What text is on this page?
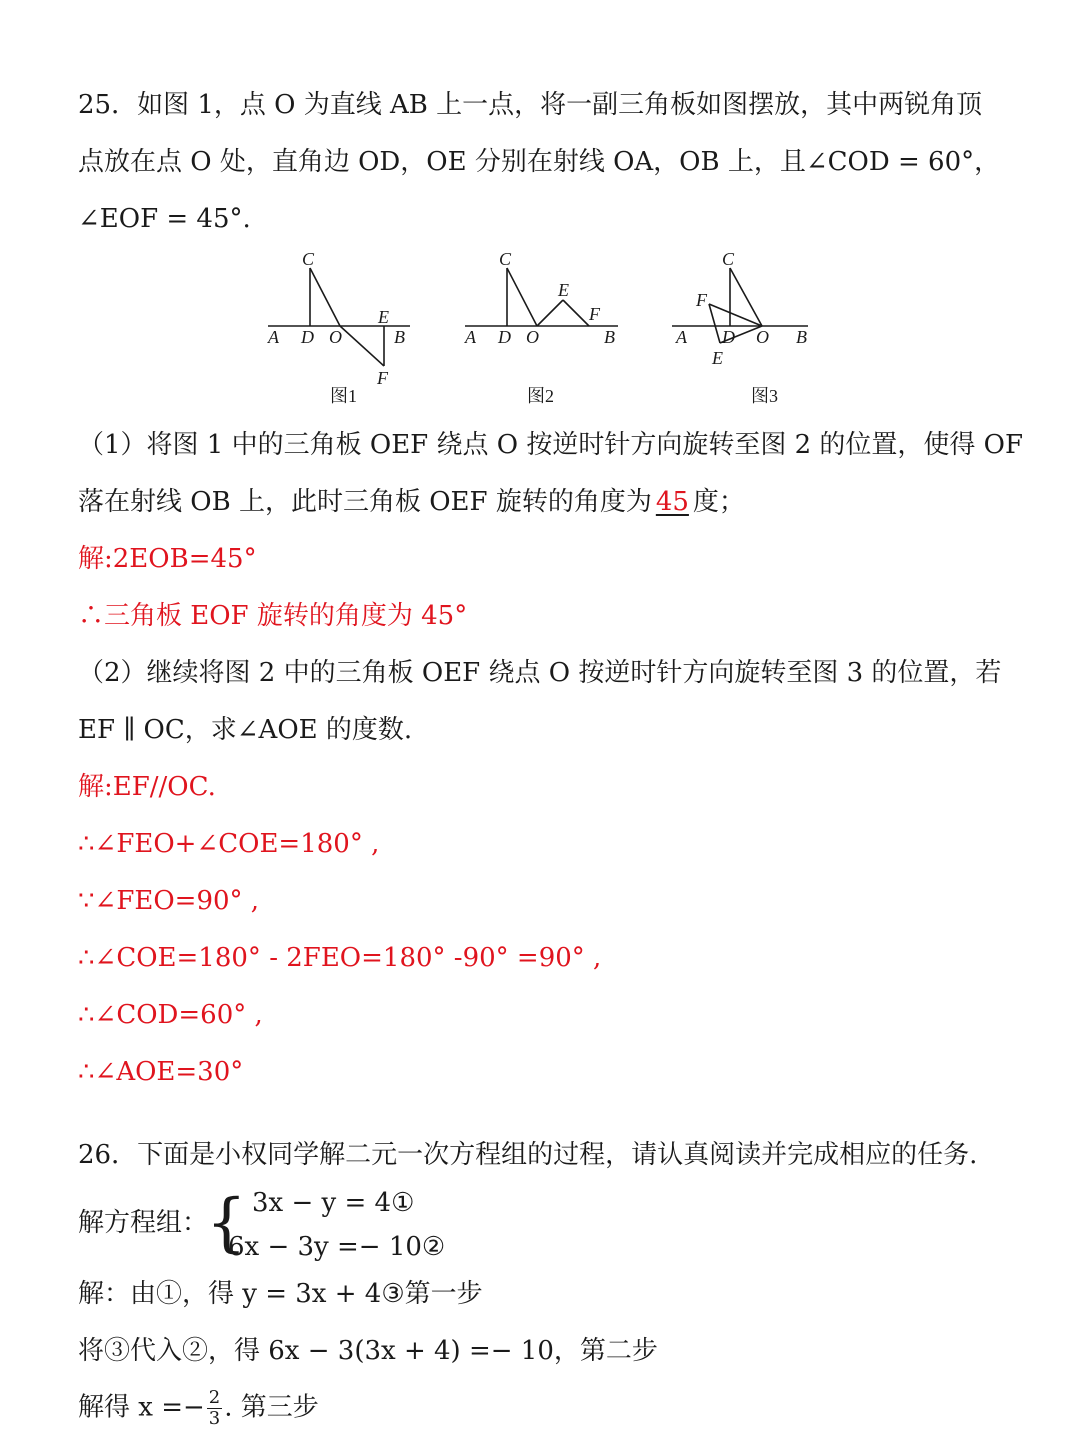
25．如图 1，点 O 为直线 AB 上一点，将一副三角板如图摆放，其中两锐角顶
点放在点 O 处，直角边 OD，OE 分别在射线 OA，OB 上，且∠COD = 60°，
∠EOF = 45°.
C
A D O
E
B
F
C
E
F
A D O	B
C
F
A D O B
E
图1	图2	图3
（1）将图 1 中的三角板 OEF 绕点 O 按逆时针方向旋转至图 2 的位置，使得 OF
落在射线 OB 上，此时三角板 OEF 旋转的角度为 45 度；
解:2EOB=45°
∴三角板 EOF 旋转的角度为 45°
（2）继续将图 2 中的三角板 OEF 绕点 O 按逆时针方向旋转至图 3 的位置，若
EF ∥ OC，求∠AOE 的度数.
解:EF//OC.
∴∠FEO+∠COE=180° ,
∵∠FEO=90° ,
∴∠COE=180° - 2FEO=180° -90° =90° ,
∴∠COD=60° ,
∴∠AOE=30°
26．下面是小权同学解二元一次方程组的过程，请认真阅读并完成相应的任务.
解方程组：
{ 3x − y = 4①
6x − 3y =− 10②
解：由①，得 y = 3x + 4③第一步
将③代入②，得 6x − 3(3x + 4) =− 10，第二步
解得 $x =- \frac{2}{3}$ . 第三步
